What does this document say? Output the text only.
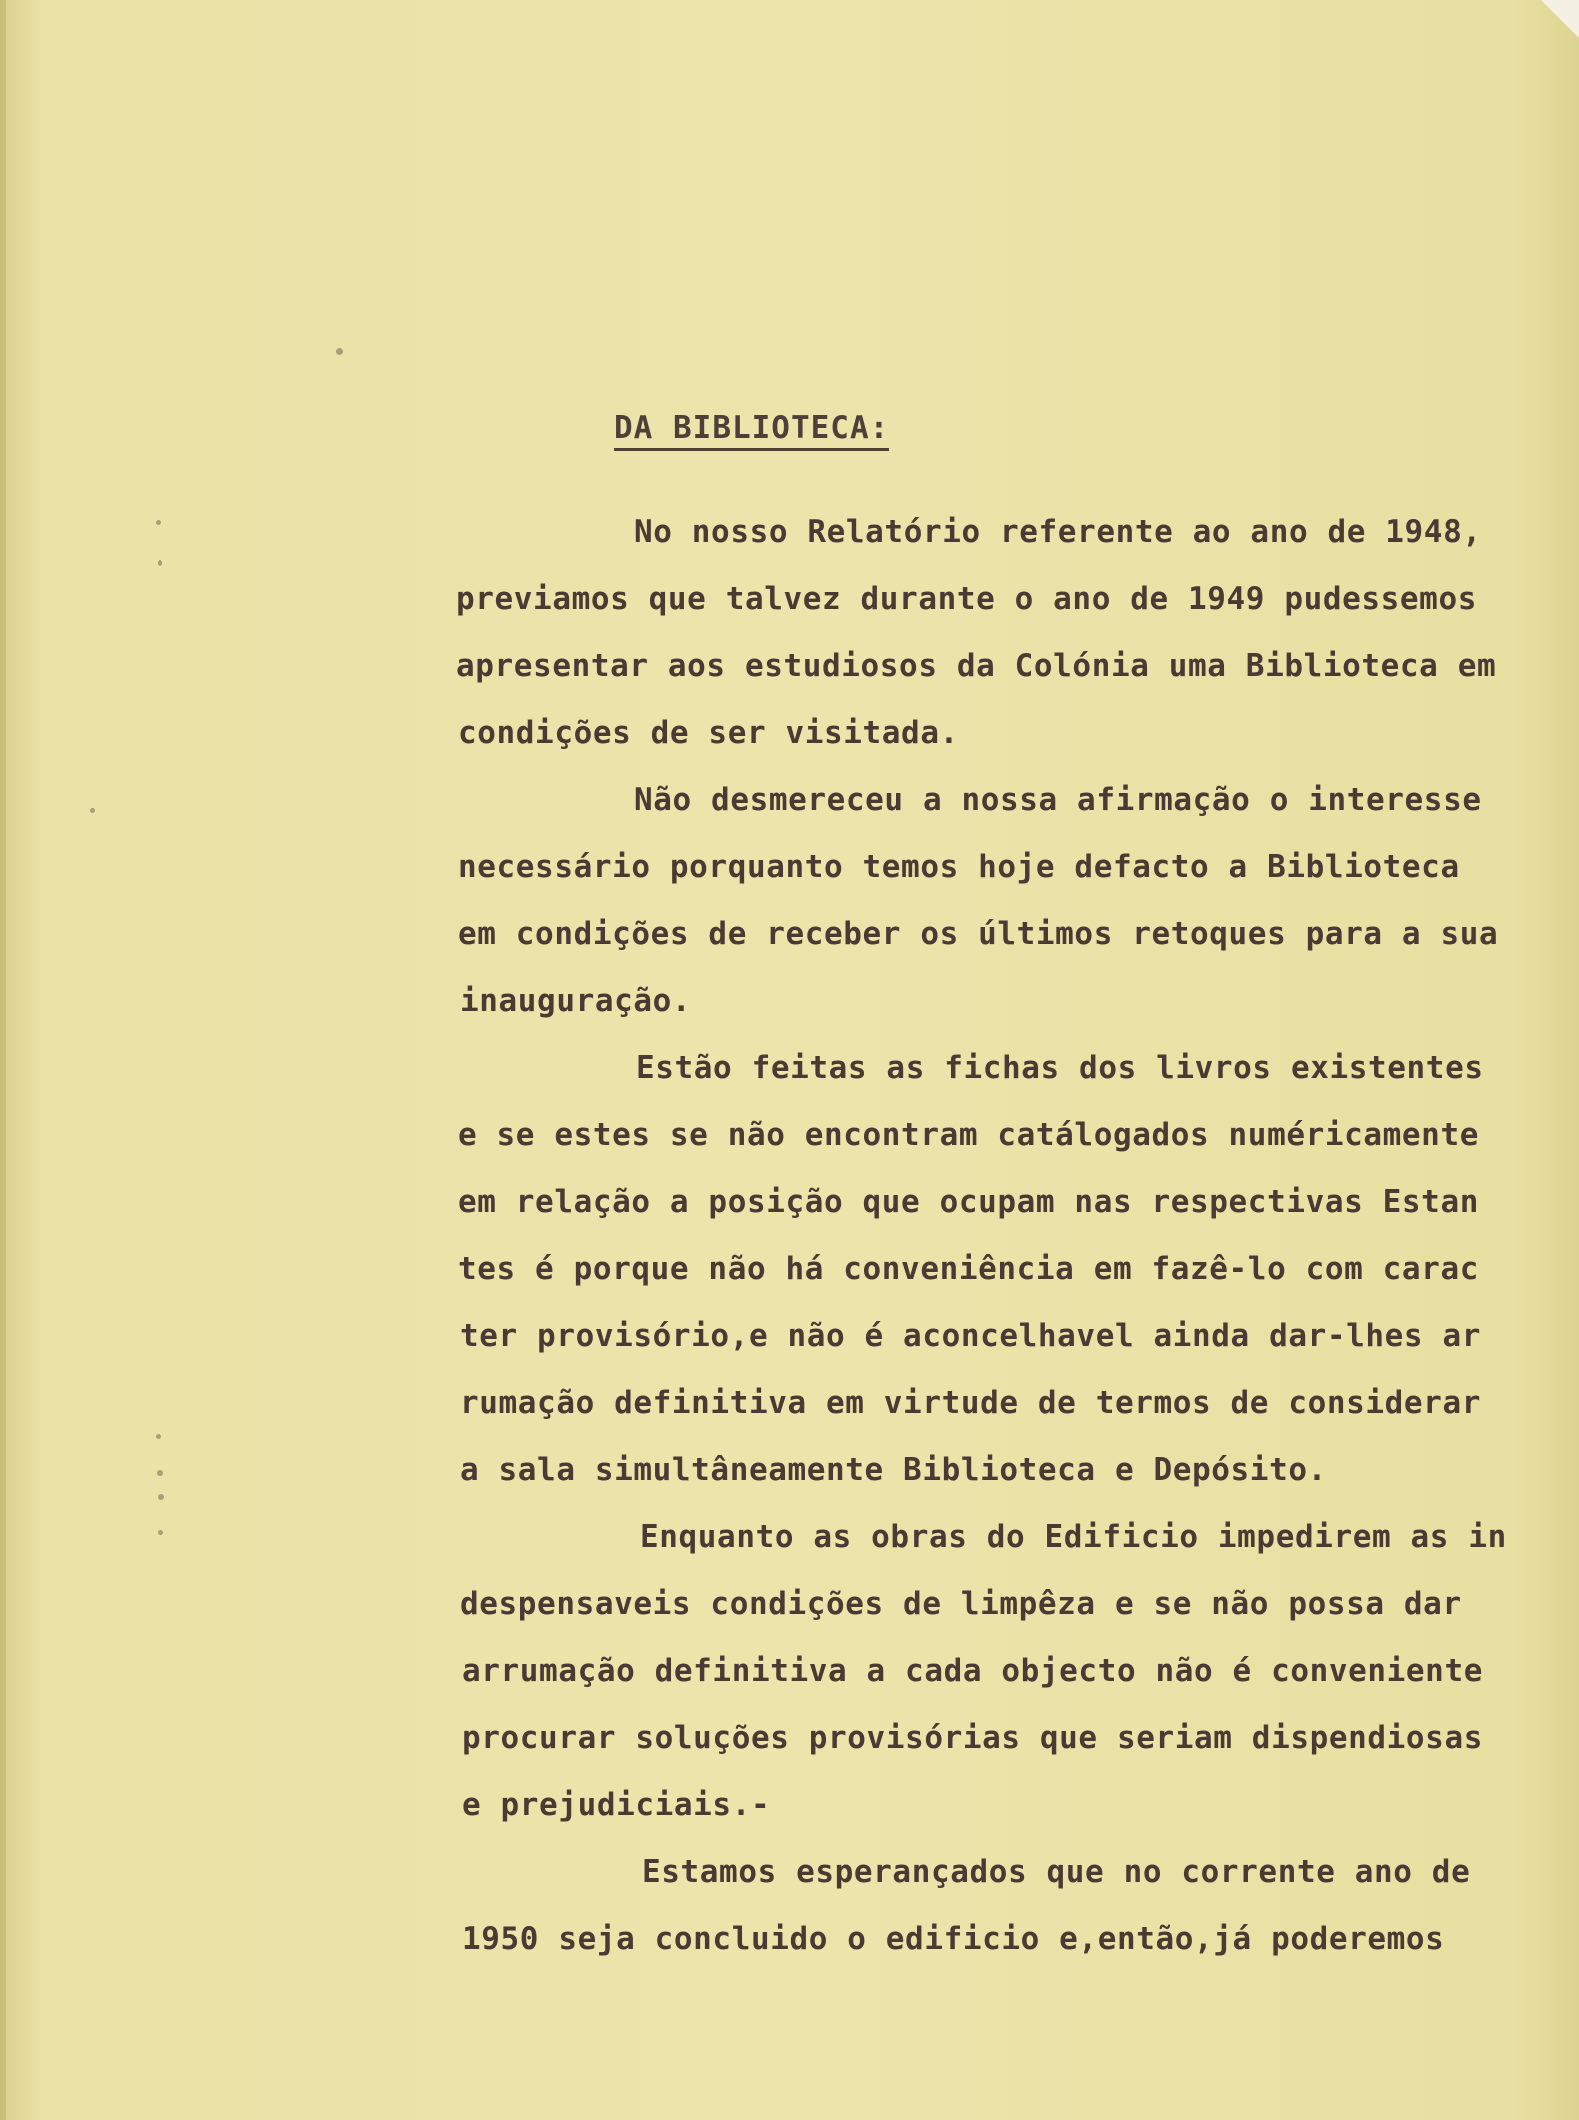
DA BIBLIOTECA:
No nosso Relatório referente ao ano de 1948,
previamos que talvez durante o ano de 1949 pudessemos
apresentar aos estudiosos da Colónia uma Biblioteca em
condições de ser visitada.
Não desmereceu a nossa afirmação o interesse
necessário porquanto temos hoje defacto a Biblioteca
em condições de receber os últimos retoques para a sua
inauguração.
Estão feitas as fichas dos livros existentes
e se estes se não encontram catálogados numéricamente
em relação a posição que ocupam nas respectivas Estan
tes é porque não há conveniência em fazê-lo com carac
ter provisório,e não é aconcelhavel ainda dar-lhes ar
rumação definitiva em virtude de termos de considerar
a sala simultâneamente Biblioteca e Depósito.
Enquanto as obras do Edificio impedirem as in
despensaveis condições de limpêza e se não possa dar
arrumação definitiva a cada objecto não é conveniente
procurar soluções provisórias que seriam dispendiosas
e prejudiciais.-
Estamos esperançados que no corrente ano de
1950 seja concluido o edificio e,então,já poderemos
